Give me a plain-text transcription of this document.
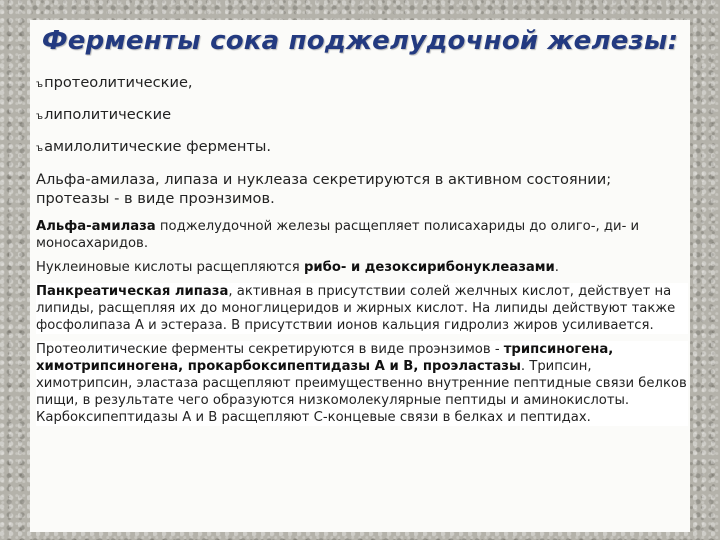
Ферменты сока поджелудочной железы:
ъпротеолитические,
ълиполитические
ъамилолитические ферменты.

Альфа-амилаза, липаза и нуклеаза секретируются в активном состоянии; протеазы - в виде проэнзимов.

Альфа-амилаза поджелудочной железы расщепляет полисахариды до олиго-, ди- и моносахаридов.

Нуклеиновые кислоты расщепляются рибо- и дезоксирибонуклеазами.

Панкреатическая липаза, активная в присутствии солей желчных кислот, действует на липиды, расщепляя их до моноглицеридов и жирных кислот. На липиды действуют также фосфолипаза А и эстераза. В присутствии ионов кальция гидролиз жиров усиливается.

Протеолитические ферменты секретируются в виде проэнзимов - трипсиногена, химотрипсиногена, прокарбоксипептидазы А и В, проэластазы. Трипсин, химотрипсин, эластаза расщепляют преимущественно внутренние пептидные связи белков пищи, в результате чего образуются низкомолекулярные пептиды и аминокислоты. Карбоксипептидазы А и В расщепляют С-концевые связи в белках и пептидах.
